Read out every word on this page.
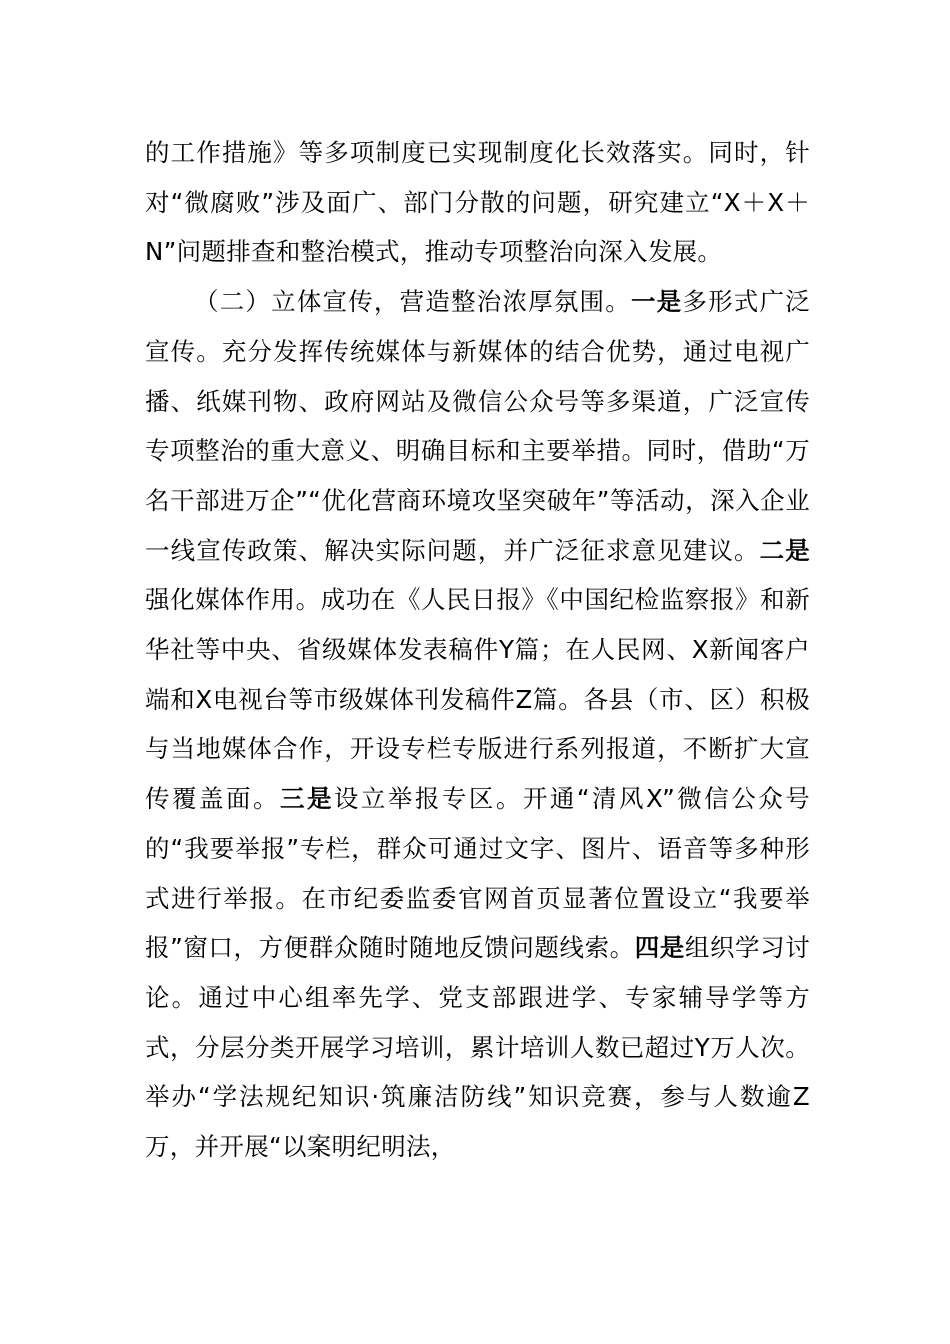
的工作措施》等多项制度已实现制度化长效落实。同时，针对“微腐败”涉及面广、部门分散的问题，研究建立“X＋X＋N”问题排查和整治模式，推动专项整治向深入发展。

（二）立体宣传，营造整治浓厚氛围。一是多形式广泛宣传。充分发挥传统媒体与新媒体的结合优势，通过电视广播、纸媒刊物、政府网站及微信公众号等多渠道，广泛宣传专项整治的重大意义、明确目标和主要举措。同时，借助“万名干部进万企”“优化营商环境攻坚突破年”等活动，深入企业一线宣传政策、解决实际问题，并广泛征求意见建议。二是强化媒体作用。成功在《人民日报》《中国纪检监察报》和新华社等中央、省级媒体发表稿件Y篇；在人民网、X新闻客户端和X电视台等市级媒体刊发稿件Z篇。各县（市、区）积极与当地媒体合作，开设专栏专版进行系列报道，不断扩大宣传覆盖面。三是设立举报专区。开通“清风X”微信公众号的“我要举报”专栏，群众可通过文字、图片、语音等多种形式进行举报。在市纪委监委官网首页显著位置设立“我要举报”窗口，方便群众随时随地反馈问题线索。四是组织学习讨论。通过中心组率先学、党支部跟进学、专家辅导学等方式，分层分类开展学习培训，累计培训人数已超过Y万人次。举办“学法规纪知识·筑廉洁防线”知识竞赛，参与人数逾Z万，并开展“以案明纪明法，
